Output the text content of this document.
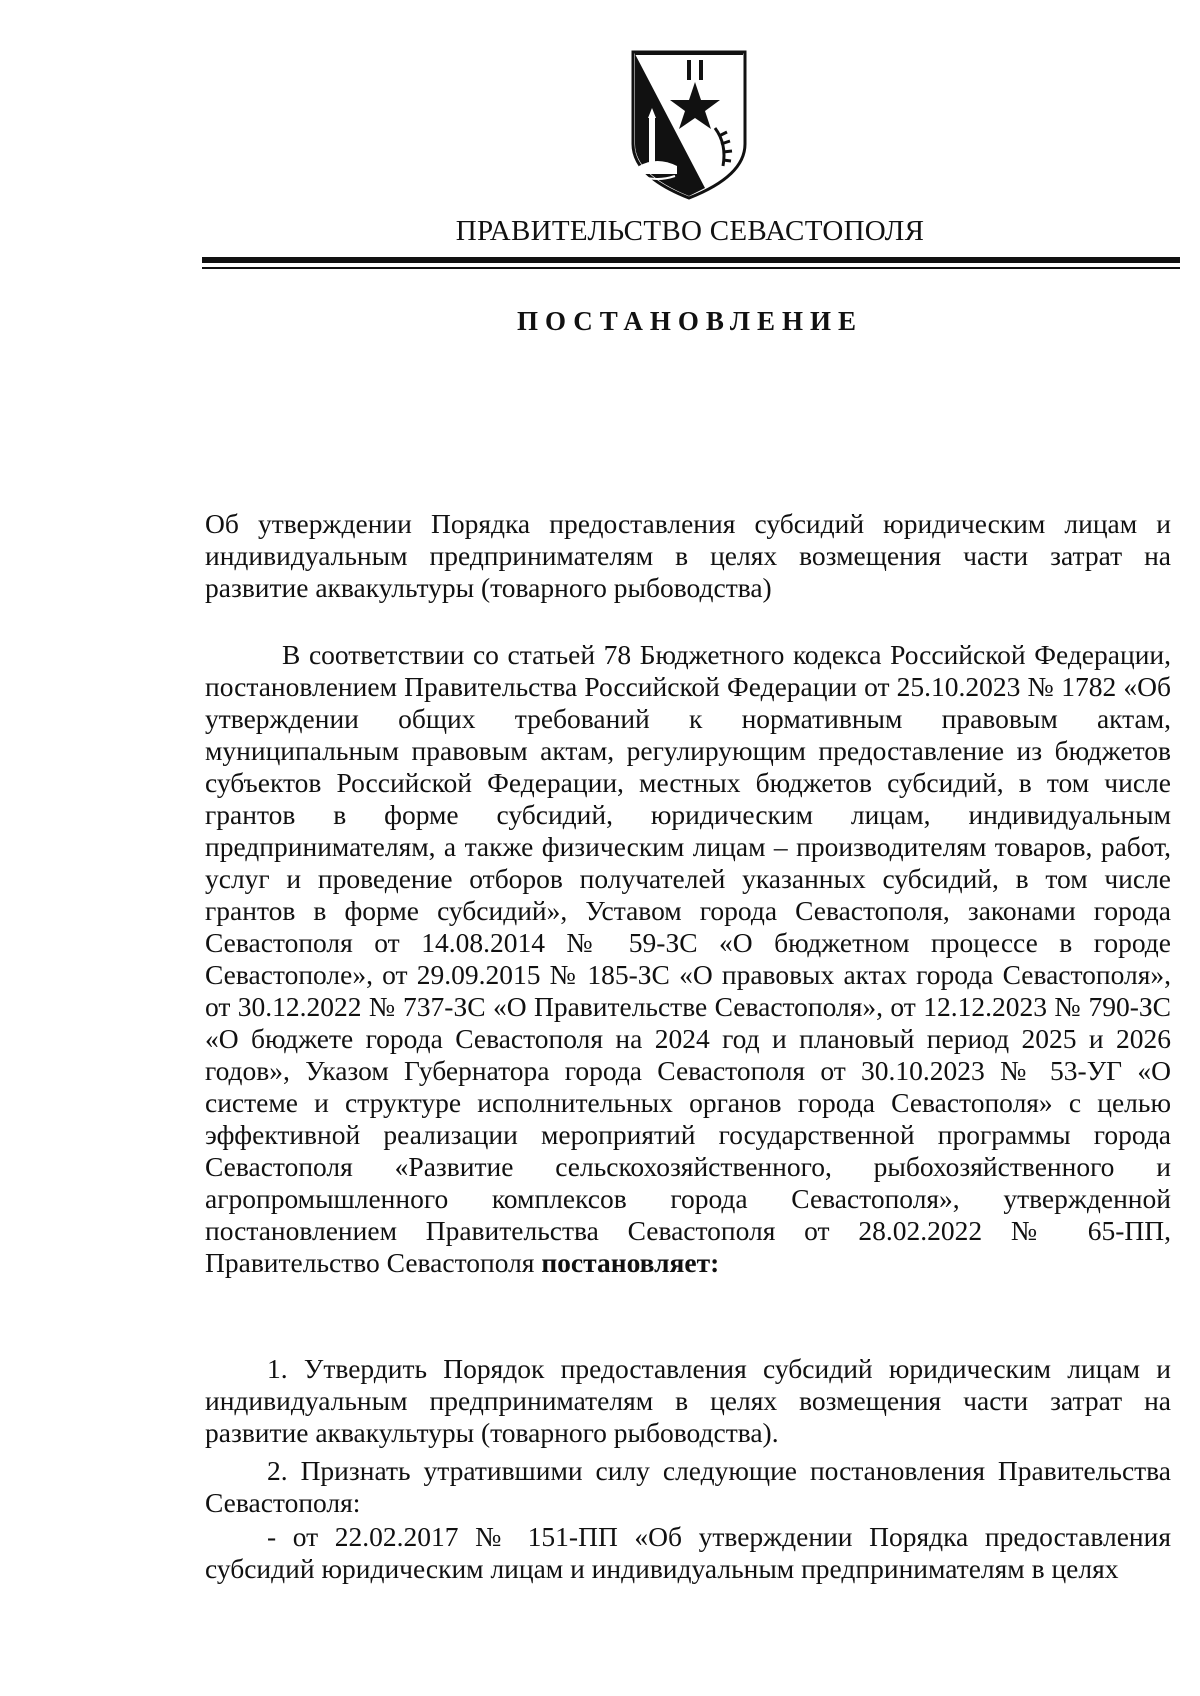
ПРАВИТЕЛЬСТВО СЕВАСТОПОЛЯ
ПОСТАНОВЛЕНИЕ
Об утверждении Порядка предоставления субсидий юридическим лицам и индивидуальным предпринимателям в целях возмещения части затрат на развитие аквакультуры (товарного рыбоводства)
В соответствии со статьей 78 Бюджетного кодекса Российской Федерации, постановлением Правительства Российской Федерации от 25.10.2023 № 1782 «Об утверждении общих требований к нормативным правовым актам, муниципальным правовым актам, регулирующим предоставление из бюджетов субъектов Российской Федерации, местных бюджетов субсидий, в том числе грантов в форме субсидий, юридическим лицам, индивидуальным предпринимателям, а также физическим лицам – производителям товаров, работ, услуг и проведение отборов получателей указанных субсидий, в том числе грантов в форме субсидий», Уставом города Севастополя, законами города Севастополя от 14.08.2014 № 59-ЗС «О бюджетном процессе в городе Севастополе», от 29.09.2015 № 185-ЗС «О правовых актах города Севастополя», от 30.12.2022 № 737-ЗС «О Правительстве Севастополя», от 12.12.2023 № 790-ЗС «О бюджете города Севастополя на 2024 год и плановый период 2025 и 2026 годов», Указом Губернатора города Севастополя от 30.10.2023 № 53-УГ «О системе и структуре исполнительных органов города Севастополя» с целью эффективной реализации мероприятий государственной программы города Севастополя «Развитие сельскохозяйственного, рыбохозяйственного и агропромышленного комплексов города Севастополя», утвержденной постановлением Правительства Севастополя от 28.02.2022 № 65-ПП, Правительство Севастополя постановляет:
1. Утвердить Порядок предоставления субсидий юридическим лицам и индивидуальным предпринимателям в целях возмещения части затрат на развитие аквакультуры (товарного рыбоводства).
2. Признать утратившими силу следующие постановления Правительства Севастополя:
- от 22.02.2017 № 151-ПП «Об утверждении Порядка предоставления субсидий юридическим лицам и индивидуальным предпринимателям в целях
